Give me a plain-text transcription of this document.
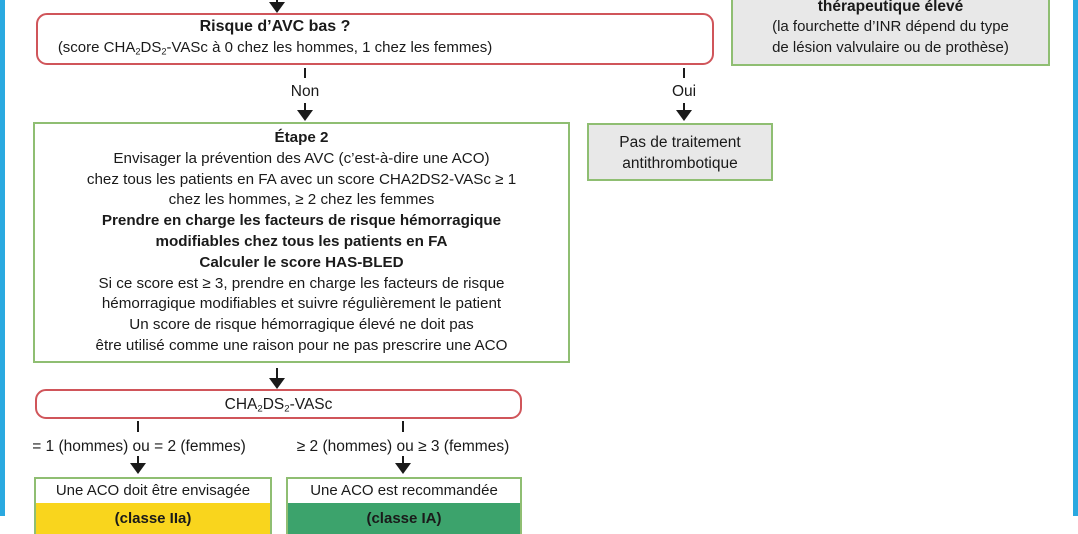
thérapeutique élevé
(la fourchette d’INR dépend du type
de lésion valvulaire ou de prothèse)
Risque d’AVC bas ?
(score CHA2DS2-VASc à 0 chez les hommes, 1 chez les femmes)
Non	Oui
Étape 2
Envisager la prévention des AVC (c’est-à-dire une ACO)
chez tous les patients en FA avec un score CHA2DS2-VASc ≥ 1
chez les hommes, ≥ 2 chez les femmes
Prendre en charge les facteurs de risque hémorragique
modifiables chez tous les patients en FA
Calculer le score HAS-BLED
Si ce score est ≥ 3, prendre en charge les facteurs de risque
hémorragique modifiables et suivre régulièrement le patient
Un score de risque hémorragique élevé ne doit pas
être utilisé comme une raison pour ne pas prescrire une ACO
Pas de traitement
antithrombotique
CHA2DS2-VASc
= 1 (hommes) ou = 2 (femmes)	≥ 2 (hommes) ou ≥ 3 (femmes)
Une ACO doit être envisagée
(classe IIa)
Une ACO est recommandée
(classe IA)
